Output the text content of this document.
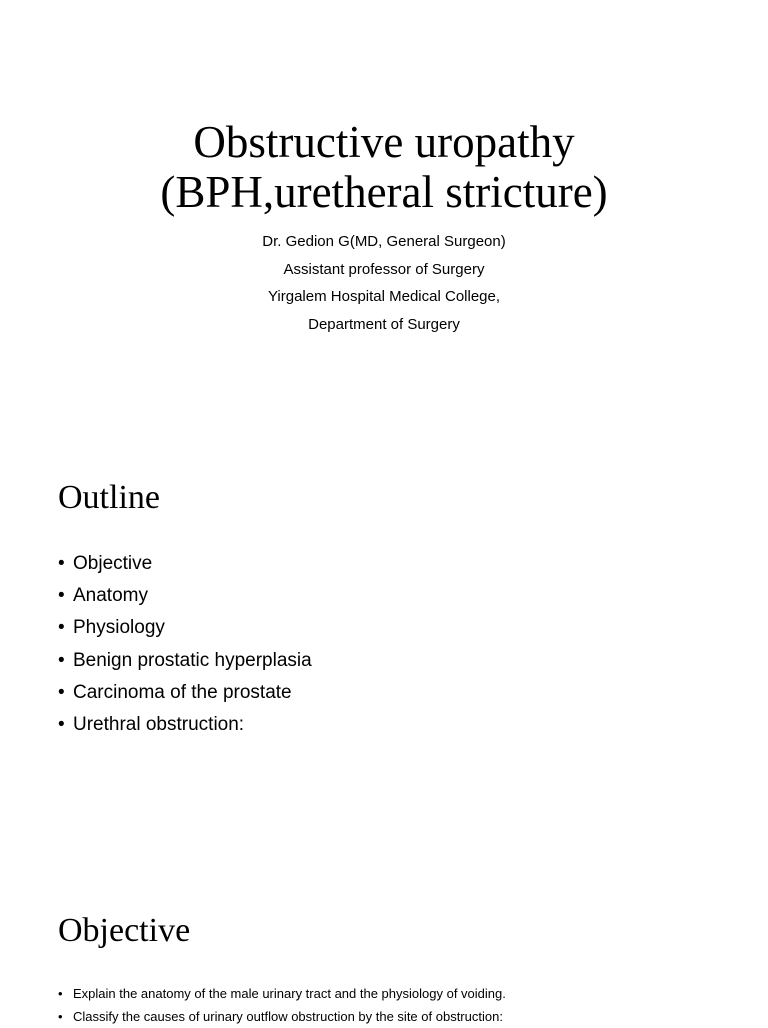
Obstructive uropathy
(BPH,uretheral stricture)
Dr. Gedion G(MD, General Surgeon)
Assistant professor of Surgery
Yirgalem Hospital Medical College,
Department of Surgery
Outline
• Objective
• Anatomy
• Physiology
• Benign prostatic hyperplasia
• Carcinoma of the prostate
• Urethral obstruction:
Objective
• Explain the anatomy of the male urinary tract and the physiology of voiding.
• Classify the causes of urinary outflow obstruction by the site of obstruction:
